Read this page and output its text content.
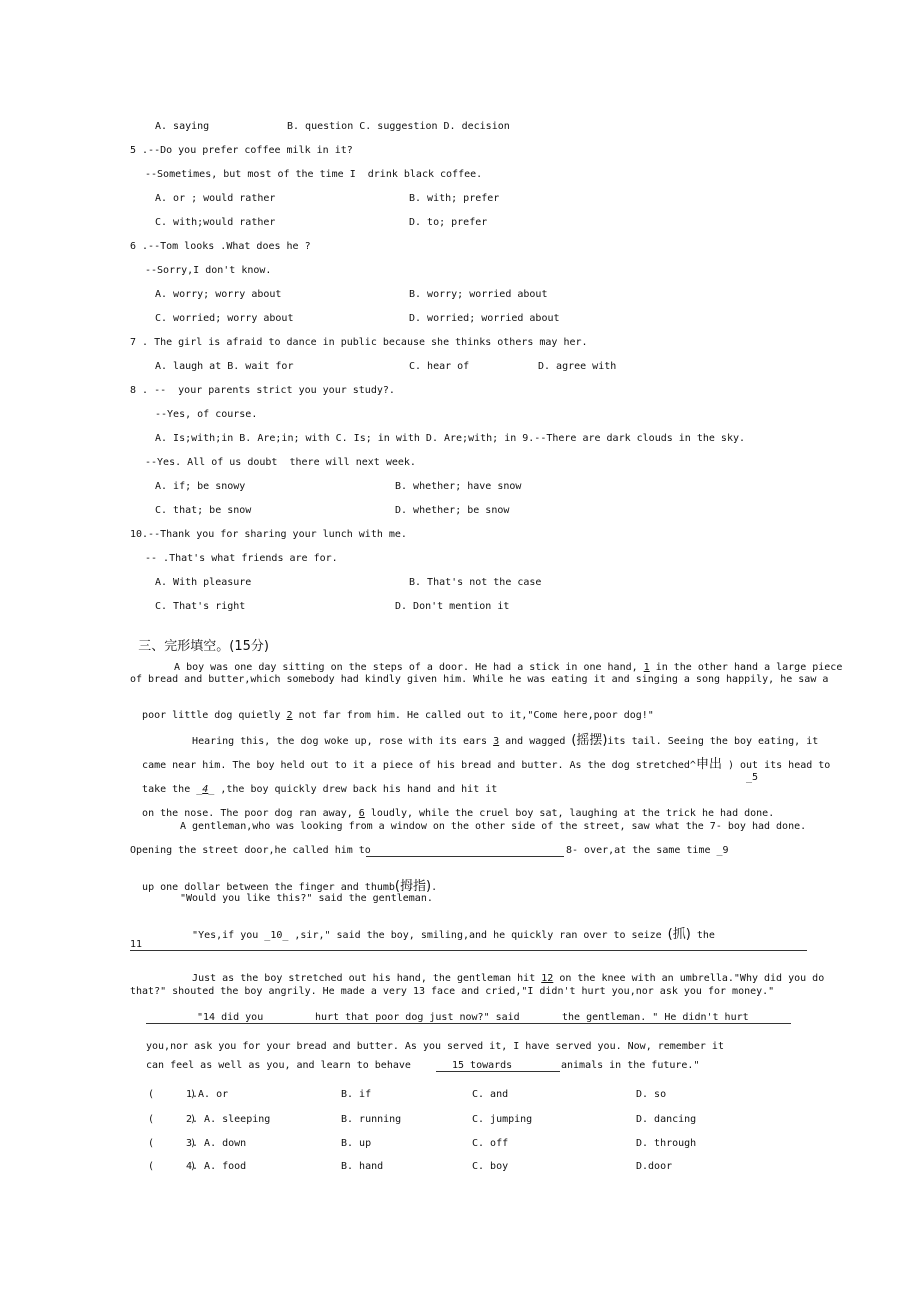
A. saying	B. question C. suggestion D. decision
5 .--Do you prefer coffee milk in it?
--Sometimes, but most of the time I  drink black coffee.
A. or ; would rather	B. with; prefer
C. with;would rather	D. to; prefer
6 .--Tom looks .What does he ?
--Sorry,I don't know.
A. worry; worry about	B. worry; worried about
C. worried; worry about	D. worried; worried about
7 . The girl is afraid to dance in public because she thinks others may her.
A. laugh at B. wait for	C. hear of	D. agree with
8 . --  your parents strict you your study?.
--Yes, of course.
A. Is;with;in B. Are;in; with C. Is; in with D. Are;with; in 9.--There are dark clouds in the sky.
--Yes. All of us doubt  there will next week.
A. if; be snowy	B. whether; have snow
C. that; be snow	D. whether; be snow
10.--Thank you for sharing your lunch with me.
-- .That's what friends are for.
A. With pleasure	B. That's not the case
C. That's right	D. Don't mention it

三、完形填空。(15分)

A boy was one day sitting on the steps of a door. He had a stick in one hand, 1 in the other hand a large piece

of bread and butter,which somebody had kindly given him. While he was eating it and singing a song happily, he saw a

poor little dog quietly 2 not far from him. He called out to it,"Come here,poor dog!"

Hearing this, the dog woke up, rose with its ears 3 and wagged (摇摆)its tail. Seeing the boy eating, it

came near him. The boy held out to it a piece of his bread and butter. As the dog stretched^申出 ) out its head to

take the _4_ ,the boy quickly drew back his hand and hit it

_5

on the nose. The poor dog ran away, 6 loudly, while the cruel boy sat, laughing at the trick he had done.

A gentleman,who was looking from a window on the other side of the street, saw what the 7- boy had done.
Opening the street door,he called him to	8- over,at the same time _9

up one dollar between the finger and thumb(拇指).

"Would you like this?" said the gentleman.

"Yes,if you _10_ ,sir," said the boy, smiling,and he quickly ran over to seize (抓) the

11

Just as the boy stretched out his hand, the gentleman hit 12 on the knee with an umbrella."Why did you do

that?" shouted the boy angrily. He made a very 13 face and cried,"I didn't hurt you,nor ask you for money."
"14 did you	hurt that poor dog just now?" said	the gentleman. " He didn't hurt
you,nor ask you for your bread and butter. As you served it, I have served you. Now, remember it
can feel as well as you, and learn to behave	15 towards	animals in the future."
(      )
1.A. or	B. if	C. and	D. so
(      )
2. A. sleeping	B. running	C. jumping	D. dancing
(      )
3. A. down	B. up	C. off	D. through
(      )
4. A. food	B. hand	C. boy	D.door
